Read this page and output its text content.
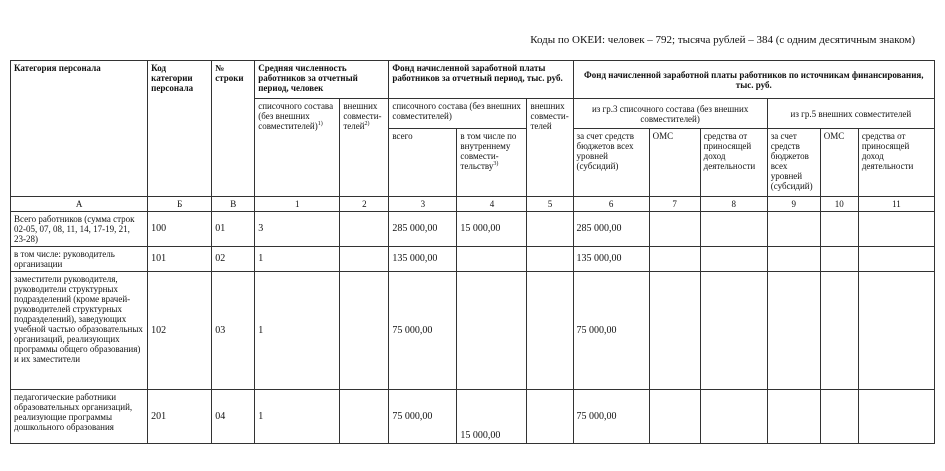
Коды по ОКЕИ: человек – 792; тысяча рублей – 384 (с одним десятичным знаком)
Категория персонала	Код категории персонала	№ строки	Средняя численность работников за отчетный период, человек		Фонд начисленной заработной платы работников за отчетный период, тыс. руб.			Фонд начисленной заработной платы работников по источникам финансирования, тыс. руб.					
			списочного состава (без внешних совместителей)$^{1)}$	внешних совмести-телей$^{2)}$	списочного состава (без внешних совместителей)		внешних совмести-телей	из гр.3 списочного состава (без внешних совместителей)			из гр.5 внешних совместителей		
					всего	в том числе по внутреннему совмести-тельству$^{3)}$		за счет средств бюджетов всех уровней (субсидий)	ОМС	средства от приносящей доход деятельности	за счет средств бюджетов всех уровней (субсидий)	ОМС	средства от приносящей доход деятельности
А	Б	В	1	2	3	4	5	6	7	8	9	10	11
Всего работников (сумма строк 02-05, 07, 08, 11, 14, 17-19, 21, 23-28)	100	01	3		285 000,00	15 000,00		285 000,00					
в том числе: руководитель организации	101	02	1		135 000,00			135 000,00					
заместители руководителя, руководители структурных подразделений (кроме врачей-руководителей структурных подразделений), заведующих учебной частью образовательных организаций, реализующих программы общего образования) и их заместители	102	03	1		75 000,00			75 000,00					
педагогические работники образовательных организаций, реализующие программы дошкольного образования	201	04	1		75 000,00	15 000,00		75 000,00					
